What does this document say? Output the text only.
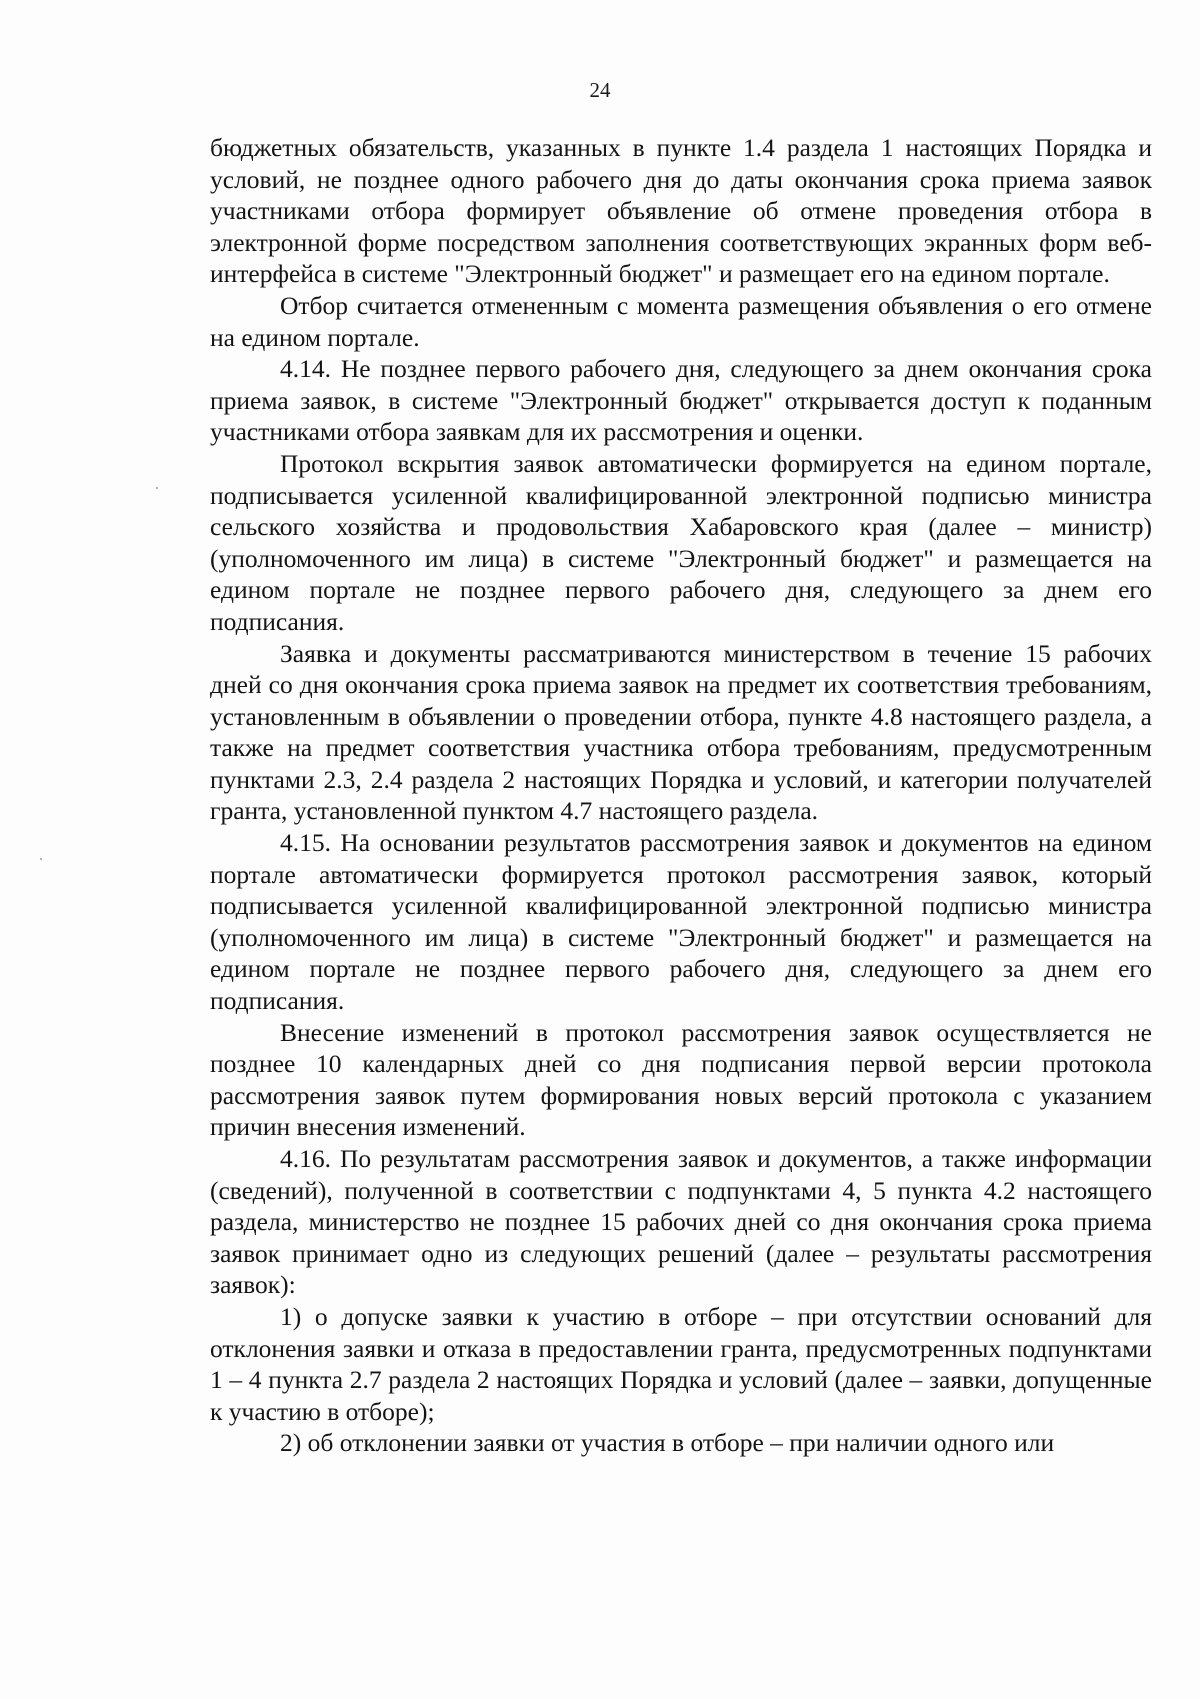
24

бюджетных обязательств, указанных в пункте 1.4 раздела 1 настоящих Порядка и условий, не позднее одного рабочего дня до даты окончания срока приема заявок участниками отбора формирует объявление об отмене проведения отбора в электронной форме посредством заполнения соответствующих экранных форм веб-интерфейса в системе "Электронный бюджет" и размещает его на едином портале.

Отбор считается отмененным с момента размещения объявления о его отмене на едином портале.

4.14. Не позднее первого рабочего дня, следующего за днем окончания срока приема заявок, в системе "Электронный бюджет" открывается доступ к поданным участниками отбора заявкам для их рассмотрения и оценки.

Протокол вскрытия заявок автоматически формируется на едином портале, подписывается усиленной квалифицированной электронной подписью министра сельского хозяйства и продовольствия Хабаровского края (далее – министр) (уполномоченного им лица) в системе "Электронный бюджет" и размещается на едином портале не позднее первого рабочего дня, следующего за днем его подписания.

Заявка и документы рассматриваются министерством в течение 15 рабочих дней со дня окончания срока приема заявок на предмет их соответствия требованиям, установленным в объявлении о проведении отбора, пункте 4.8 настоящего раздела, а также на предмет соответствия участника отбора требованиям, предусмотренным пунктами 2.3, 2.4 раздела 2 настоящих Порядка и условий, и категории получателей гранта, установленной пунктом 4.7 настоящего раздела.

4.15. На основании результатов рассмотрения заявок и документов на едином портале автоматически формируется протокол рассмотрения заявок, который подписывается усиленной квалифицированной электронной подписью министра (уполномоченного им лица) в системе "Электронный бюджет" и размещается на едином портале не позднее первого рабочего дня, следующего за днем его подписания.

Внесение изменений в протокол рассмотрения заявок осуществляется не позднее 10 календарных дней со дня подписания первой версии протокола рассмотрения заявок путем формирования новых версий протокола с указанием причин внесения изменений.

4.16. По результатам рассмотрения заявок и документов, а также информации (сведений), полученной в соответствии с подпунктами 4, 5 пункта 4.2 настоящего раздела, министерство не позднее 15 рабочих дней со дня окончания срока приема заявок принимает одно из следующих решений (далее – результаты рассмотрения заявок):

1) о допуске заявки к участию в отборе – при отсутствии оснований для отклонения заявки и отказа в предоставлении гранта, предусмотренных подпунктами 1 – 4 пункта 2.7 раздела 2 настоящих Порядка и условий (далее – заявки, допущенные к участию в отборе);

2) об отклонении заявки от участия в отборе – при наличии одного или
